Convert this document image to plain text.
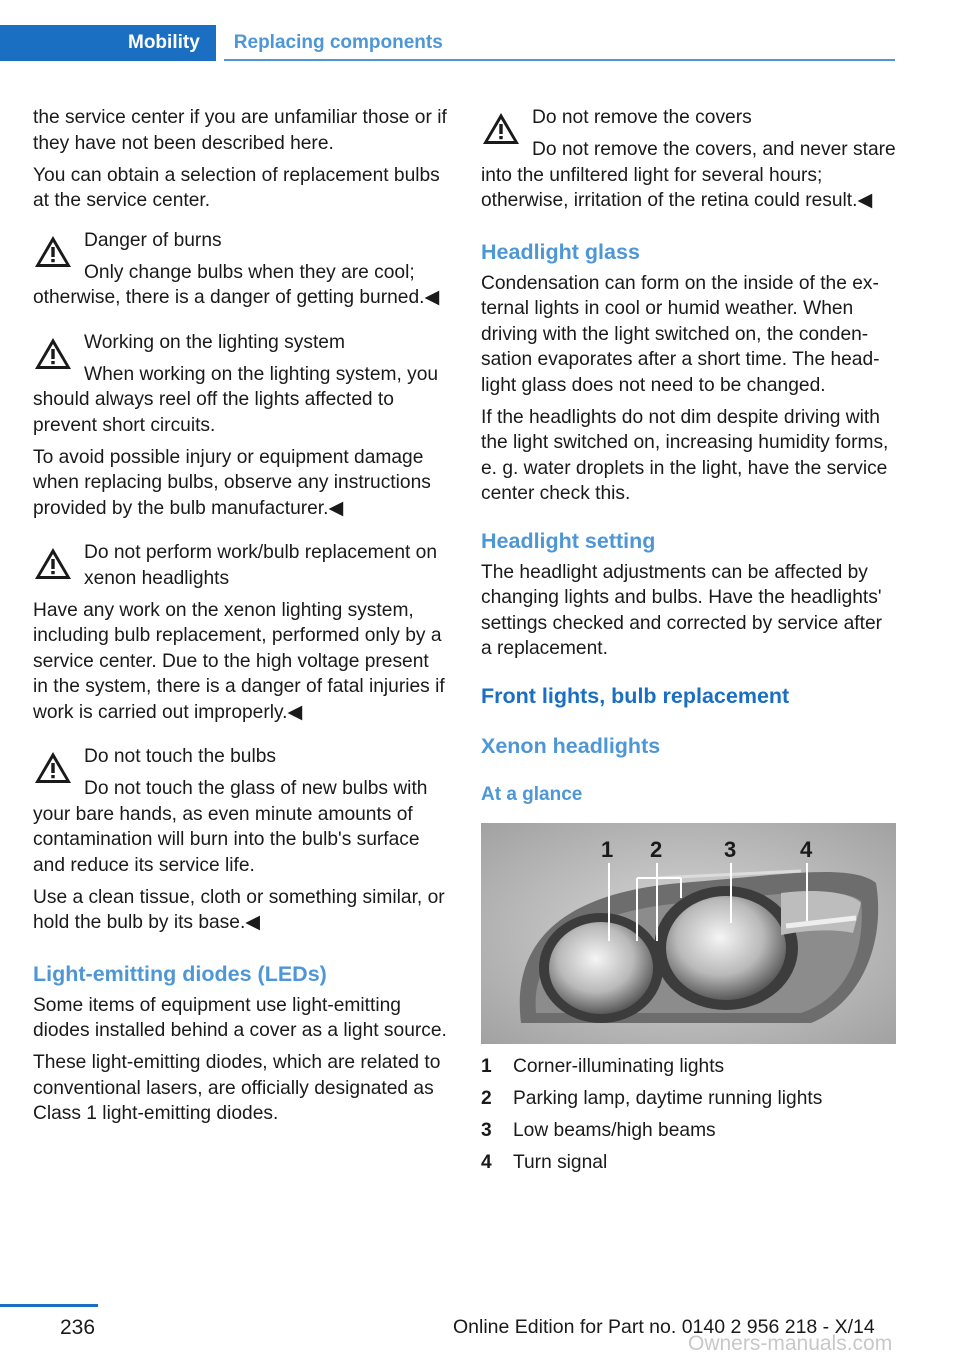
Mobility	Replacing components

the service center if you are unfamiliar those or if they have not been described here.

You can obtain a selection of replacement bulbs at the service center.

Danger of burns

Only change bulbs when they are cool; otherwise, there is a danger of getting burned.◀

Working on the lighting system

When working on the lighting system, you should always reel off the lights affected to prevent short circuits.

To avoid possible injury or equipment damage when replacing bulbs, observe any instructions provided by the bulb manufacturer.◀

Do not perform work/bulb replacement on xenon headlights

Have any work on the xenon lighting system, including bulb replacement, performed only by a service center. Due to the high voltage present in the system, there is a danger of fatal injuries if work is carried out improperly.◀

Do not touch the bulbs

Do not touch the glass of new bulbs with your bare hands, as even minute amounts of contamination will burn into the bulb's surface and reduce its service life.

Use a clean tissue, cloth or something similar, or hold the bulb by its base.◀

Light-emitting diodes (LEDs)

Some items of equipment use light-emitting diodes installed behind a cover as a light source.

These light-emitting diodes, which are related to conventional lasers, are officially designated as Class 1 light-emitting diodes.

Do not remove the covers

Do not remove the covers, and never stare into the unfiltered light for several hours; otherwise, irritation of the retina could result.◀

Headlight glass

Condensation can form on the inside of the external lights in cool or humid weather. When driving with the light switched on, the condensation evaporates after a short time. The headlight glass does not need to be changed.

If the headlights do not dim despite driving with the light switched on, increasing humidity forms, e. g. water droplets in the light, have the service center check this.

Headlight setting

The headlight adjustments can be affected by changing lights and bulbs. Have the headlights' settings checked and corrected by service after a replacement.

Front lights, bulb replacement
Xenon headlights
At a glance
1 2	3	4
1	Corner-illuminating lights
2	Parking lamp, daytime running lights
3	Low beams/high beams
4	Turn signal
236	Online Edition for Part no. 0140 2 956 218 - X/14
Owners-manuals.com
